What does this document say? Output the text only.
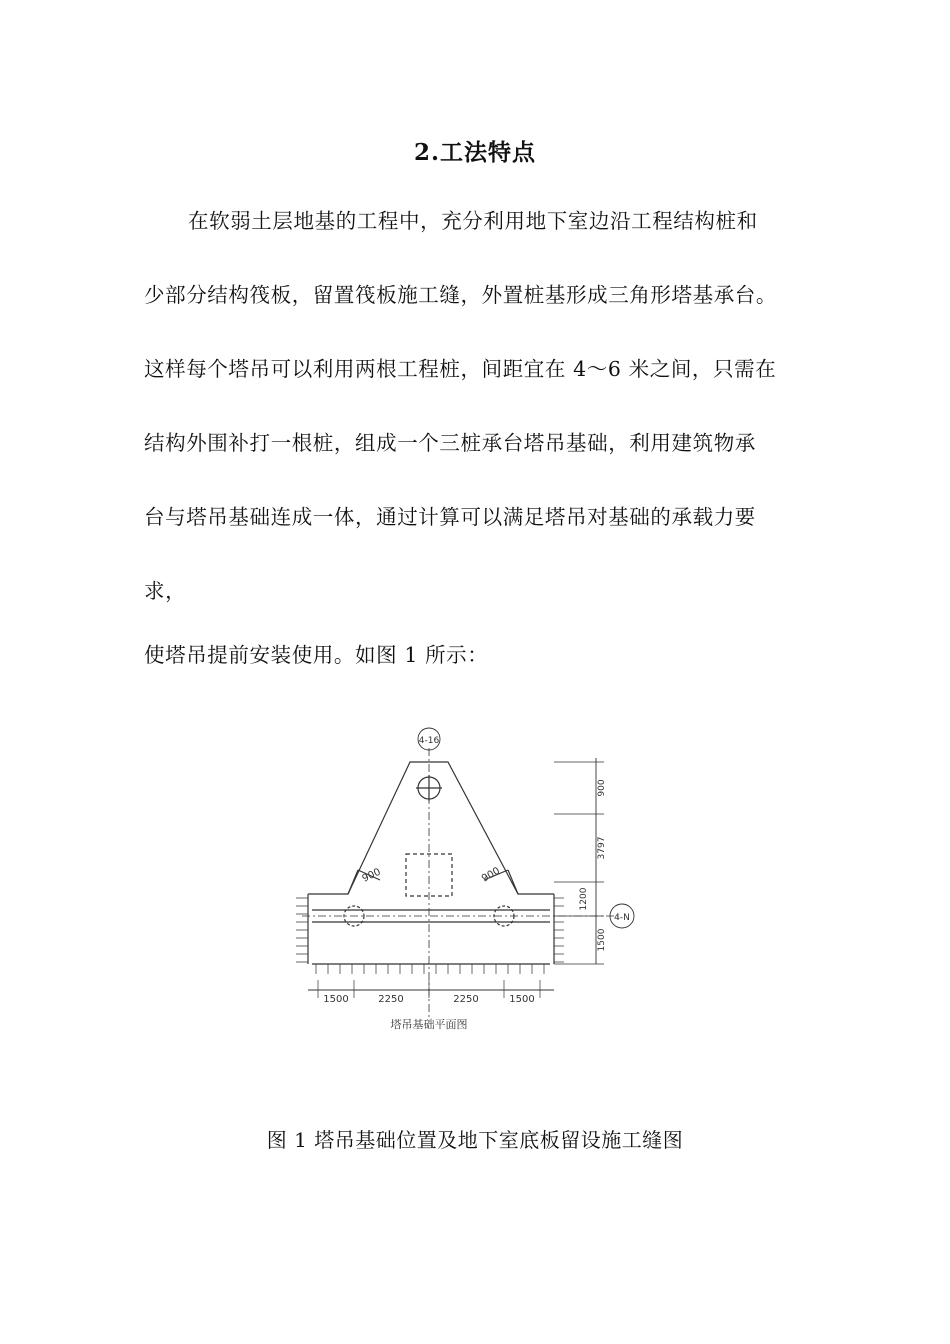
2.工法特点
在软弱土层地基的工程中，充分利用地下室边沿工程结构桩和
少部分结构筏板，留置筏板施工缝，外置桩基形成三角形塔基承台。
这样每个塔吊可以利用两根工程桩，间距宜在 4～6 米之间，只需在
结构外围补打一根桩，组成一个三桩承台塔吊基础，利用建筑物承
台与塔吊基础连成一体，通过计算可以满足塔吊对基础的承载力要
求，
使塔吊提前安装使用。如图 1 所示：
4-16
4-N
900	900
900
3797
1200
1500
1500	2250	2250	1500
塔吊基础平面图
图 1 塔吊基础位置及地下室底板留设施工缝图
